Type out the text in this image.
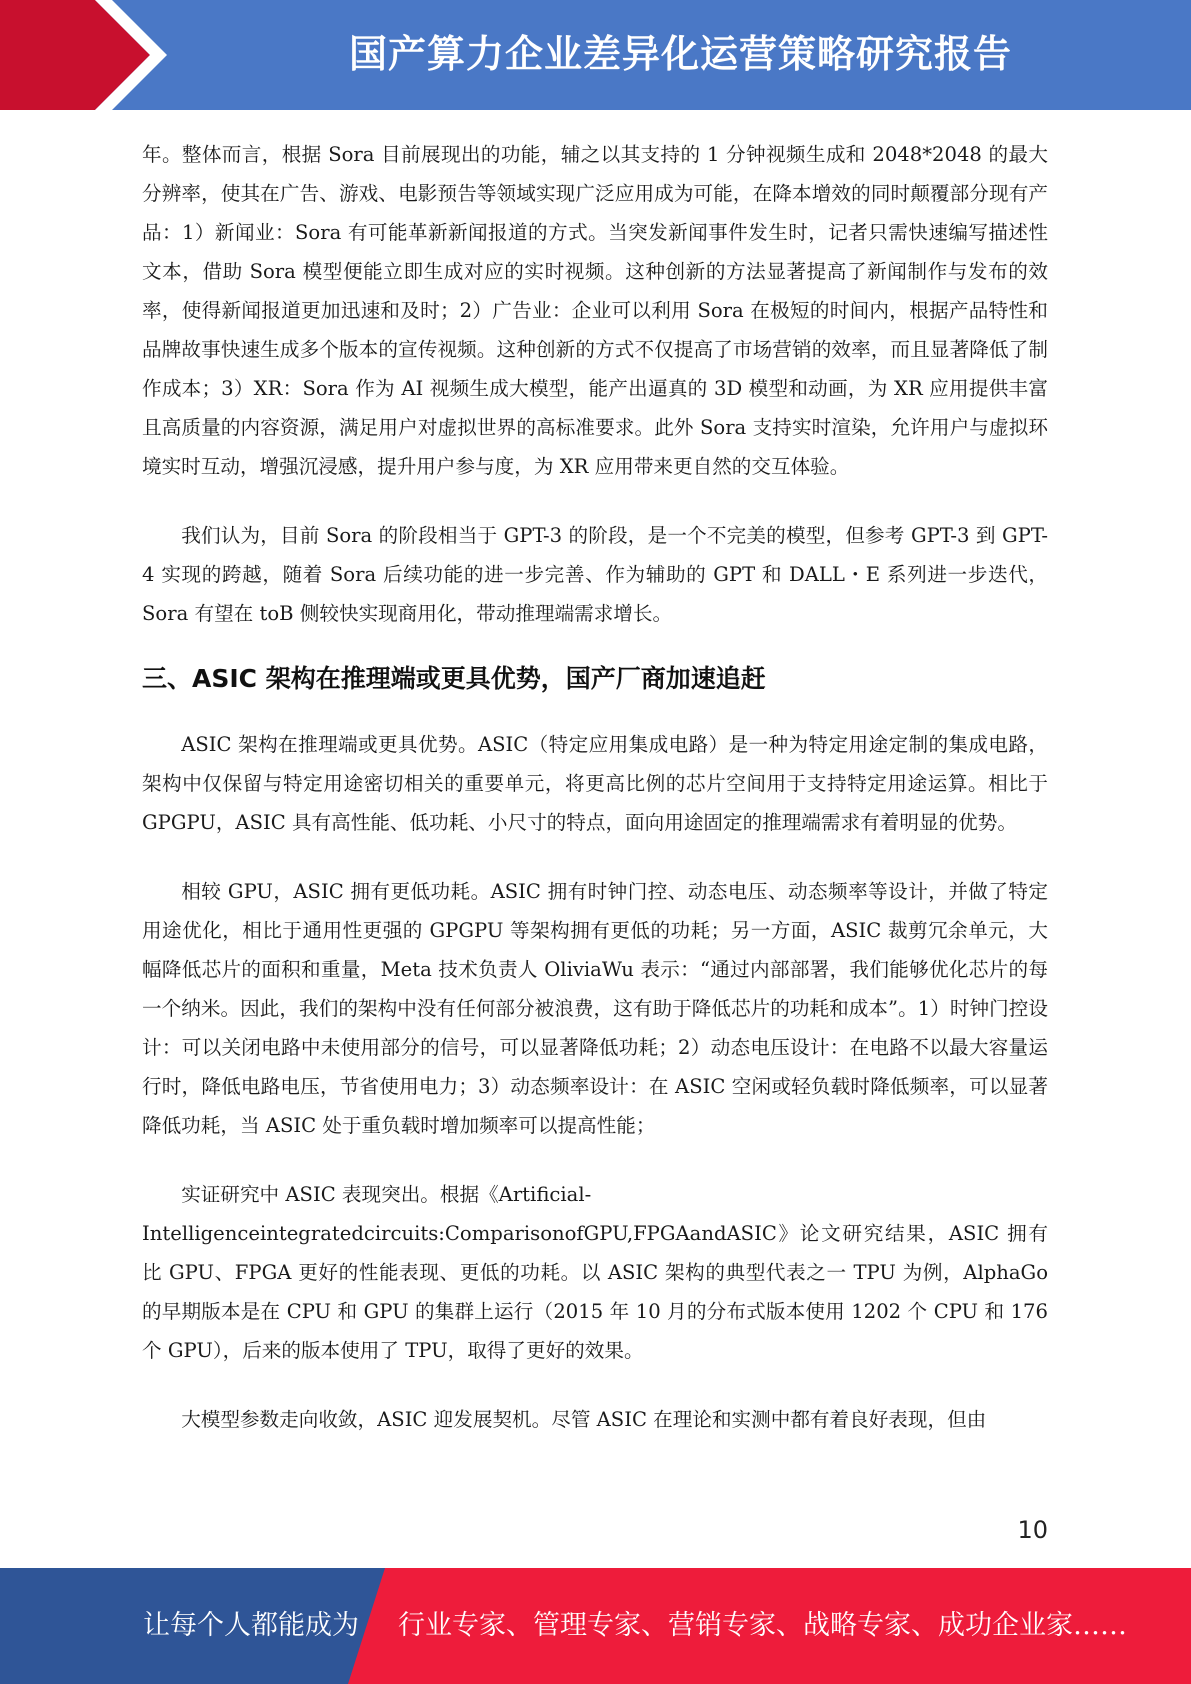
国产算力企业差异化运营策略研究报告

年。整体而言，根据 Sora 目前展现出的功能，辅之以其支持的 1 分钟视频生成和 2048*2048 的最大分辨率，使其在广告、游戏、电影预告等领域实现广泛应用成为可能，在降本增效的同时颠覆部分现有产品：1）新闻业：Sora 有可能革新新闻报道的方式。当突发新闻事件发生时，记者只需快速编写描述性文本，借助 Sora 模型便能立即生成对应的实时视频。这种创新的方法显著提高了新闻制作与发布的效率，使得新闻报道更加迅速和及时；2）广告业：企业可以利用 Sora 在极短的时间内，根据产品特性和品牌故事快速生成多个版本的宣传视频。这种创新的方式不仅提高了市场营销的效率，而且显著降低了制作成本；3）XR：Sora 作为 AI 视频生成大模型，能产出逼真的 3D 模型和动画，为 XR 应用提供丰富且高质量的内容资源，满足用户对虚拟世界的高标准要求。此外 Sora 支持实时渲染，允许用户与虚拟环境实时互动，增强沉浸感，提升用户参与度，为 XR 应用带来更自然的交互体验。

我们认为，目前 Sora 的阶段相当于 GPT-3 的阶段，是一个不完美的模型，但参考 GPT-3 到 GPT-4 实现的跨越，随着 Sora 后续功能的进一步完善、作为辅助的 GPT 和 DALL・E 系列进一步迭代，Sora 有望在 toB 侧较快实现商用化，带动推理端需求增长。

三、ASIC 架构在推理端或更具优势，国产厂商加速追赶

ASIC 架构在推理端或更具优势。ASIC（特定应用集成电路）是一种为特定用途定制的集成电路，架构中仅保留与特定用途密切相关的重要单元，将更高比例的芯片空间用于支持特定用途运算。相比于 GPGPU，ASIC 具有高性能、低功耗、小尺寸的特点，面向用途固定的推理端需求有着明显的优势。

相较 GPU，ASIC 拥有更低功耗。ASIC 拥有时钟门控、动态电压、动态频率等设计，并做了特定用途优化，相比于通用性更强的 GPGPU 等架构拥有更低的功耗；另一方面，ASIC 裁剪冗余单元，大幅降低芯片的面积和重量，Meta 技术负责人 OliviaWu 表示：“通过内部部署，我们能够优化芯片的每一个纳米。因此，我们的架构中没有任何部分被浪费，这有助于降低芯片的功耗和成本”。1）时钟门控设计：可以关闭电路中未使用部分的信号，可以显著降低功耗；2）动态电压设计：在电路不以最大容量运行时，降低电路电压，节省使用电力；3）动态频率设计：在 ASIC 空闲或轻负载时降低频率，可以显著降低功耗，当 ASIC 处于重负载时增加频率可以提高性能；

实证研究中 ASIC 表现突出。根据《Artificial-

Intelligenceintegratedcircuits:ComparisonofGPU,FPGAandASIC》论文研究结果，ASIC 拥有比 GPU、FPGA 更好的性能表现、更低的功耗。以 ASIC 架构的典型代表之一 TPU 为例，AlphaGo 的早期版本是在 CPU 和 GPU 的集群上运行（2015 年 10 月的分布式版本使用 1202 个 CPU 和 176 个 GPU），后来的版本使用了 TPU，取得了更好的效果。

大模型参数走向收敛，ASIC 迎发展契机。尽管 ASIC 在理论和实测中都有着良好表现，但由

10
让每个人都能成为 行业专家、管理专家、营销专家、战略专家、成功企业家……
